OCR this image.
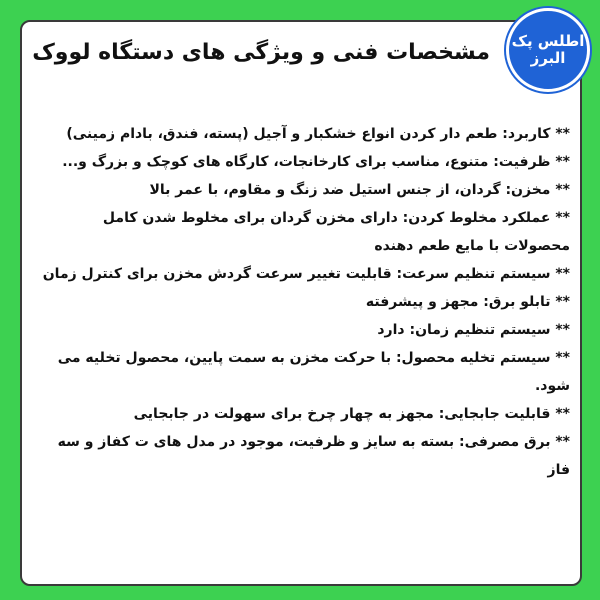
مشخصات فنی و ویژگی های دستگاه لووک اطلس پک
البرز

** کاربرد: طعم دار کردن انواع خشکبار و آجیل (پسته، فندق، بادام زمینی)

** ظرفیت: متنوع، مناسب برای کارخانجات، کارگاه های کوچک و بزرگ و...

** مخزن: گردان، از جنس استیل ضد زنگ و مقاوم، با عمر بالا

** عملکرد مخلوط کردن: دارای مخزن گردان برای مخلوط شدن کامل محصولات با مایع طعم دهنده

** سیستم تنظیم سرعت: قابلیت تغییر سرعت گردش مخزن برای کنترل زمان

** تابلو برق: مجهز و پیشرفته

** سیستم تنظیم زمان: دارد

** سیستم تخلیه محصول: با حرکت مخزن به سمت پایین، محصول تخلیه می شود.

** قابلیت جابجایی: مجهز به چهار چرخ برای سهولت در جابجایی

** برق مصرفی: بسته به سایز و ظرفیت، موجود در مدل های ت کفاز و سه فاز
